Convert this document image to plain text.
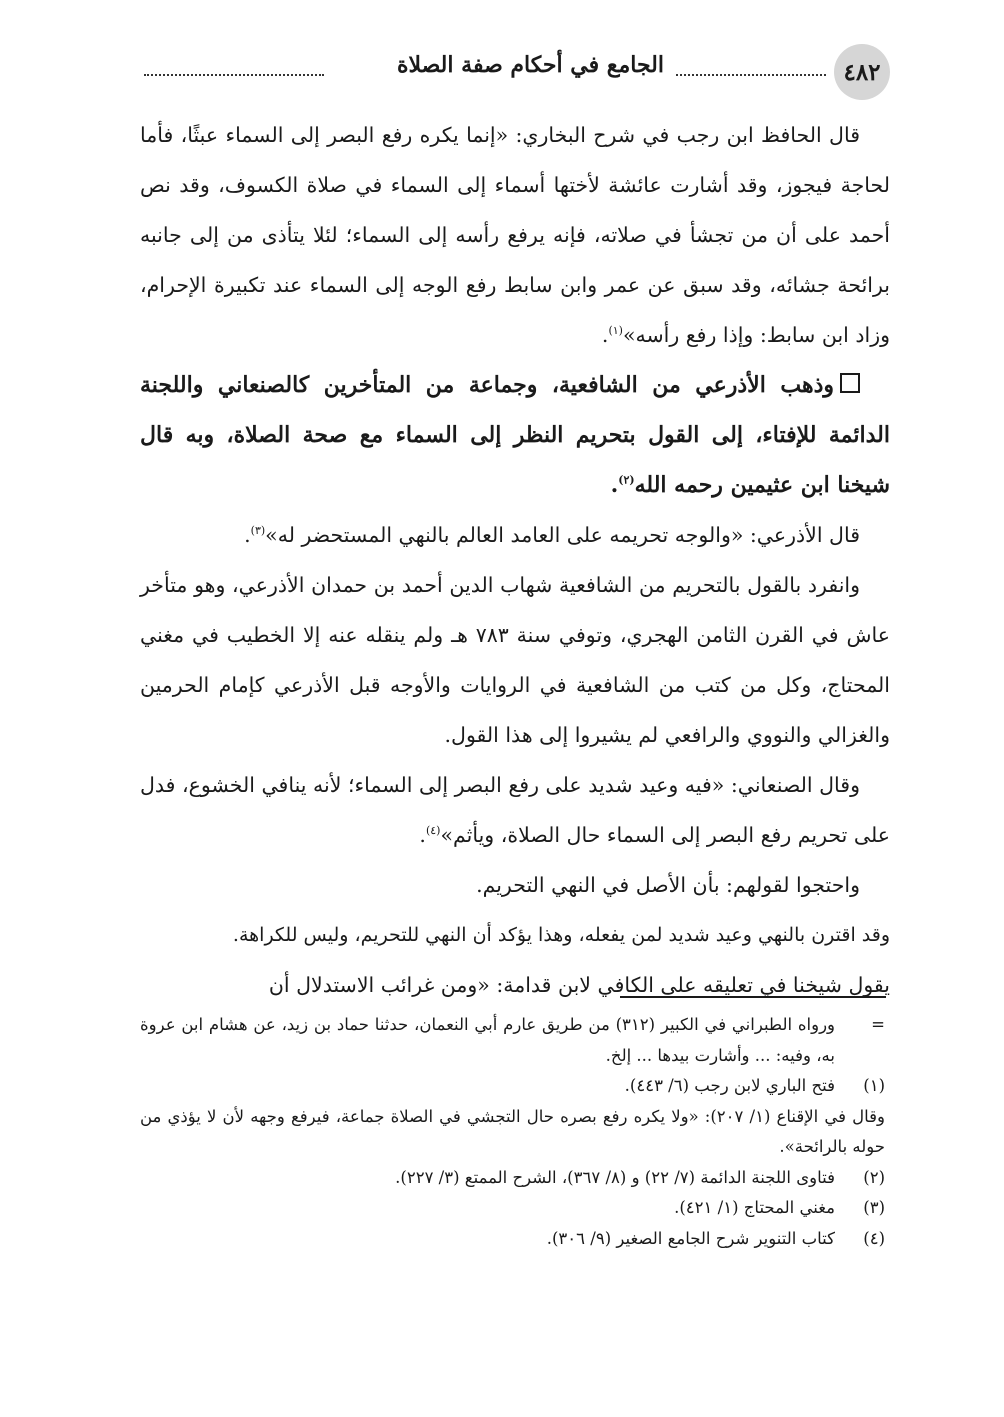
٤٨٢
الجامع في أحكام صفة الصلاة

قال الحافظ ابن رجب في شرح البخاري: «إنما يكره رفع البصر إلى السماء عبثًا، فأما لحاجة فيجوز، وقد أشارت عائشة لأختها أسماء إلى السماء في صلاة الكسوف، وقد نص أحمد على أن من تجشأ في صلاته، فإنه يرفع رأسه إلى السماء؛ لئلا يتأذى من إلى جانبه برائحة جشائه، وقد سبق عن عمر وابن سابط رفع الوجه إلى السماء عند تكبيرة الإحرام، وزاد ابن سابط: وإذا رفع رأسه»$^{(١)}$.

وذهب الأذرعي من الشافعية، وجماعة من المتأخرين كالصنعاني واللجنة الدائمة للإفتاء، إلى القول بتحريم النظر إلى السماء مع صحة الصلاة، وبه قال شيخنا ابن عثيمين رحمه الله$^{(٢)}$.

قال الأذرعي: «والوجه تحريمه على العامد العالم بالنهي المستحضر له»$^{(٣)}$.

وانفرد بالقول بالتحريم من الشافعية شهاب الدين أحمد بن حمدان الأذرعي، وهو متأخر عاش في القرن الثامن الهجري، وتوفي سنة ٧٨٣ هـ ولم ينقله عنه إلا الخطيب في مغني المحتاج، وكل من كتب من الشافعية في الروايات والأوجه قبل الأذرعي كإمام الحرمين والغزالي والنووي والرافعي لم يشيروا إلى هذا القول.

وقال الصنعاني: «فيه وعيد شديد على رفع البصر إلى السماء؛ لأنه ينافي الخشوع، فدل على تحريم رفع البصر إلى السماء حال الصلاة، ويأثم»$^{(٤)}$.

واحتجوا لقولهم: بأن الأصل في النهي التحريم.

وقد اقترن بالنهي وعيد شديد لمن يفعله، وهذا يؤكد أن النهي للتحريم، وليس للكراهة.

يقول شيخنا في تعليقه على الكافي لابن قدامة: «ومن غرائب الاستدلال أن

=
ورواه الطبراني في الكبير (٣١٢) من طريق عارم أبي النعمان، حدثنا حماد بن زيد، عن هشام ابن عروة به، وفيه: ... وأشارت بيدها ... إلخ.
(١)
فتح الباري لابن رجب (٦/ ٤٤٣).
وقال في الإقناع (١/ ٢٠٧): «ولا يكره رفع بصره حال التجشي في الصلاة جماعة، فيرفع وجهه لأن لا يؤذي من حوله بالرائحة».
(٢)
فتاوى اللجنة الدائمة (٧/ ٢٢) و (٨/ ٣٦٧)، الشرح الممتع (٣/ ٢٢٧).
(٣)
مغني المحتاج (١/ ٤٢١).
(٤)
كتاب التنوير شرح الجامع الصغير (٩/ ٣٠٦).
